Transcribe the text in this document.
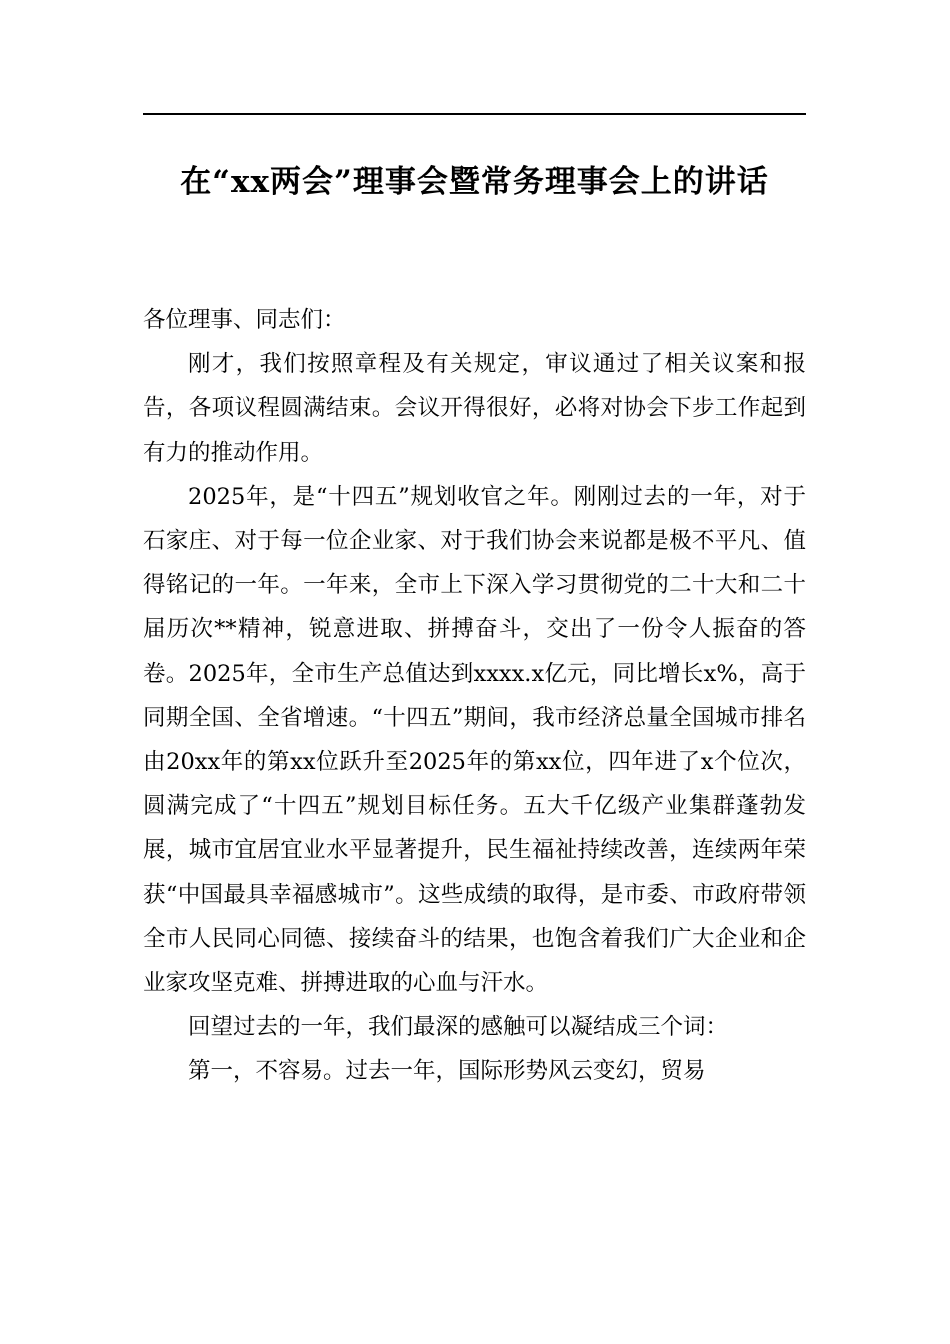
在“xx两会”理事会暨常务理事会上的讲话

各位理事、同志们：

刚才，我们按照章程及有关规定，审议通过了相关议案和报告，各项议程圆满结束。会议开得很好，必将对协会下步工作起到有力的推动作用。

2025年，是“十四五”规划收官之年。刚刚过去的一年，对于石家庄、对于每一位企业家、对于我们协会来说都是极不平凡、值得铭记的一年。一年来，全市上下深入学习贯彻党的二十大和二十届历次**精神，锐意进取、拼搏奋斗，交出了一份令人振奋的答卷。2025年，全市生产总值达到xxxx.x亿元，同比增长x%，高于同期全国、全省增速。“十四五”期间，我市经济总量全国城市排名由20xx年的第xx位跃升至2025年的第xx位，四年进了x个位次，圆满完成了“十四五”规划目标任务。五大千亿级产业集群蓬勃发展，城市宜居宜业水平显著提升，民生福祉持续改善，连续两年荣获“中国最具幸福感城市”。这些成绩的取得，是市委、市政府带领全市人民同心同德、接续奋斗的结果，也饱含着我们广大企业和企业家攻坚克难、拼搏进取的心血与汗水。

回望过去的一年，我们最深的感触可以凝结成三个词：

第一，不容易。过去一年，国际形势风云变幻，贸易
